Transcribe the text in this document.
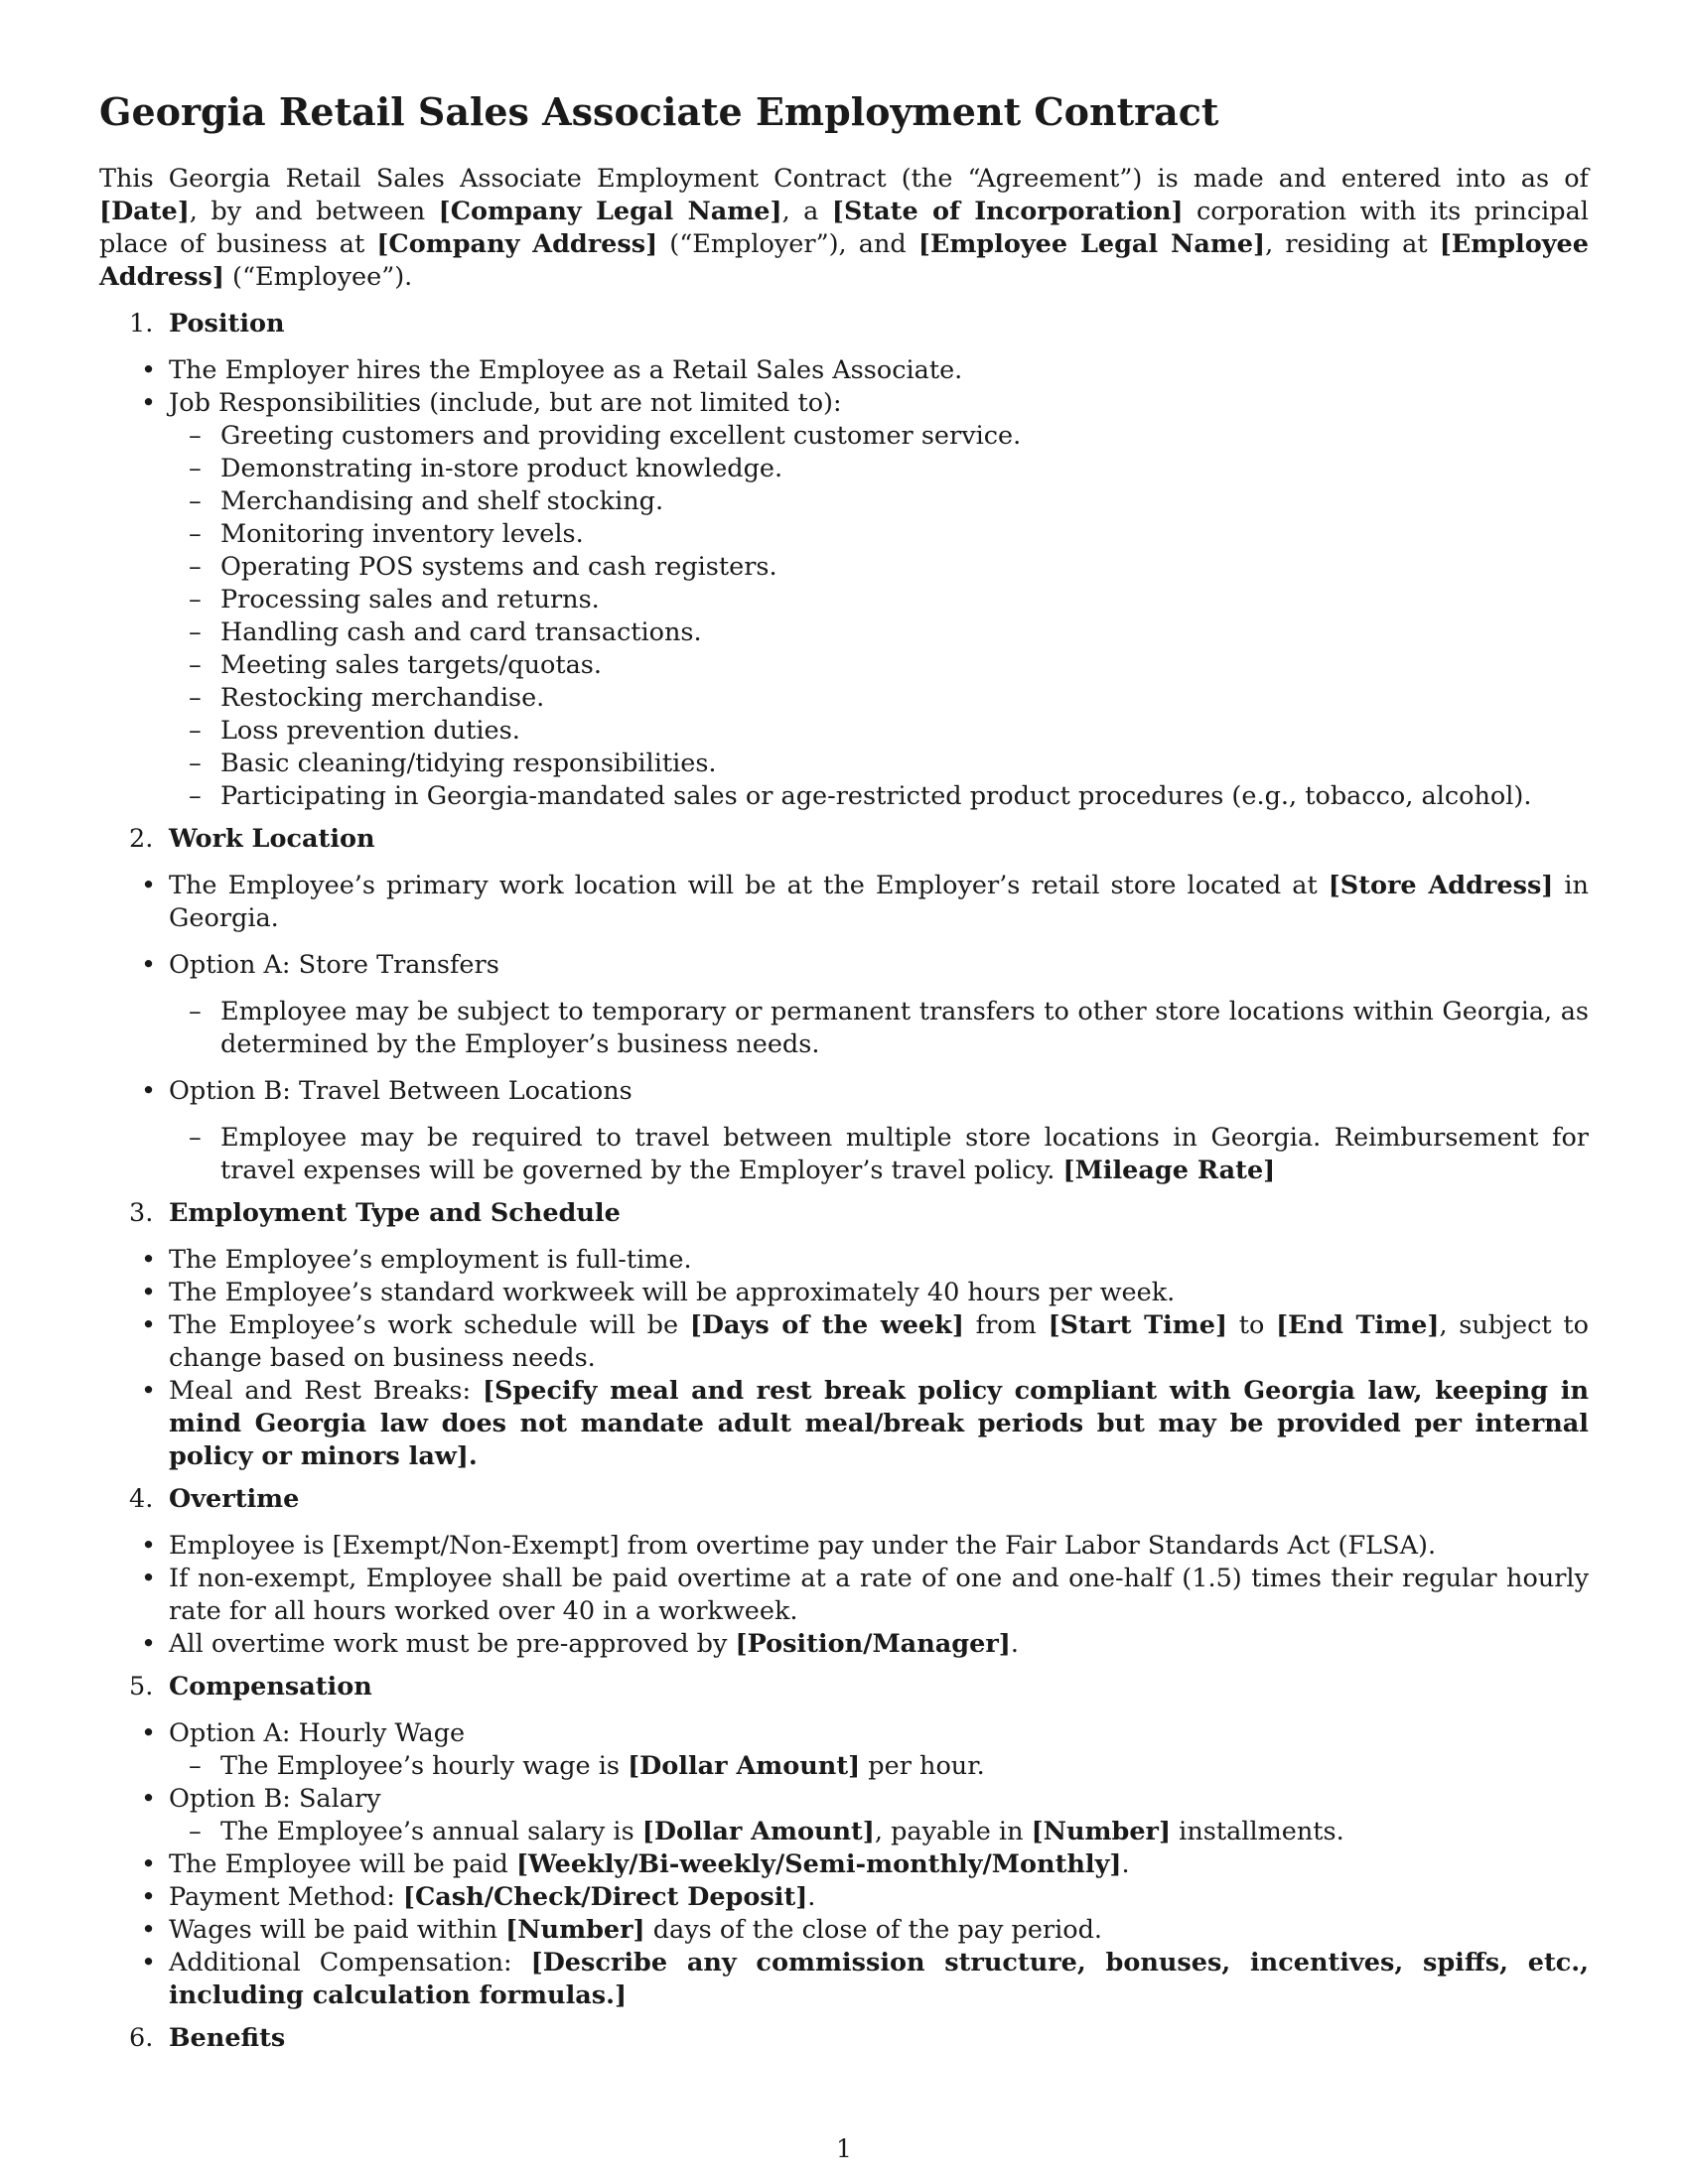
Georgia Retail Sales Associate Employment Contract

This Georgia Retail Sales Associate Employment Contract (the “Agreement”) is made and entered into as of [Date], by and between [Company Legal Name], a [State of Incorporation] corporation with its principal place of business at [Company Address] (“Employer”), and [Employee Legal Name], residing at [Employee Address] (“Employee”).

1. Position
• The Employer hires the Employee as a Retail Sales Associate.
• Job Responsibilities (include, but are not limited to):
– Greeting customers and providing excellent customer service.
– Demonstrating in-store product knowledge.
– Merchandising and shelf stocking.
– Monitoring inventory levels.
– Operating POS systems and cash registers.
– Processing sales and returns.
– Handling cash and card transactions.
– Meeting sales targets/quotas.
– Restocking merchandise.
– Loss prevention duties.
– Basic cleaning/tidying responsibilities.
– Participating in Georgia-mandated sales or age-restricted product procedures (e.g., tobacco, alcohol).
2. Work Location
• The Employee’s primary work location will be at the Employer’s retail store located at [Store Address] in Georgia.
• Option A: Store Transfers
– Employee may be subject to temporary or permanent transfers to other store locations within Georgia, as determined by the Employer’s business needs.
• Option B: Travel Between Locations
– Employee may be required to travel between multiple store locations in Georgia. Reimbursement for travel expenses will be governed by the Employer’s travel policy. [Mileage Rate]
3. Employment Type and Schedule
• The Employee’s employment is full-time.
• The Employee’s standard workweek will be approximately 40 hours per week.
• The Employee’s work schedule will be [Days of the week] from [Start Time] to [End Time], subject to change based on business needs.
• Meal and Rest Breaks: [Specify meal and rest break policy compliant with Georgia law, keeping in mind Georgia law does not mandate adult meal/break periods but may be provided per internal policy or minors law].
4. Overtime
• Employee is [Exempt/Non-Exempt] from overtime pay under the Fair Labor Standards Act (FLSA).
• If non-exempt, Employee shall be paid overtime at a rate of one and one-half (1.5) times their regular hourly rate for all hours worked over 40 in a workweek.
• All overtime work must be pre-approved by [Position/Manager].
5. Compensation
• Option A: Hourly Wage
– The Employee’s hourly wage is [Dollar Amount] per hour.
• Option B: Salary
– The Employee’s annual salary is [Dollar Amount], payable in [Number] installments.
• The Employee will be paid [Weekly/Bi-weekly/Semi-monthly/Monthly].
• Payment Method: [Cash/Check/Direct Deposit].
• Wages will be paid within [Number] days of the close of the pay period.
• Additional Compensation: [Describe any commission structure, bonuses, incentives, spiffs, etc., including calculation formulas.]
6. Benefits
1
